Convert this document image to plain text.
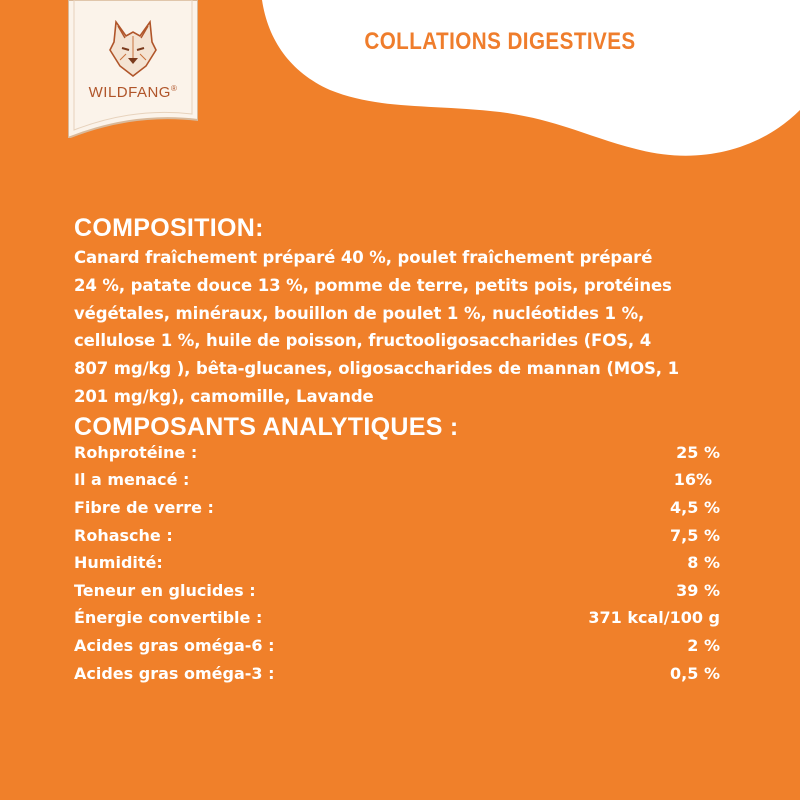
WILDFANG®
COLLATIONS DIGESTIVES
COMPOSITION:
Canard fraîchement préparé 40 %, poulet fraîchement préparé
24 %, patate douce 13 %, pomme de terre, petits pois, protéines
végétales, minéraux, bouillon de poulet 1 %, nucléotides 1 %,
cellulose 1 %, huile de poisson, fructooligosaccharides (FOS, 4
807 mg/kg ), bêta-glucanes, oligosaccharides de mannan (MOS, 1
201 mg/kg), camomille, Lavande
COMPOSANTS ANALYTIQUES :
Rohprotéine :	25 %
Il a menacé :	16%
Fibre de verre :	4,5 %
Rohasche :	7,5 %
Humidité:	8 %
Teneur en glucides :	39 %
Énergie convertible :	371 kcal/100 g
Acides gras oméga-6 :	2 %
Acides gras oméga-3 :	0,5 %
